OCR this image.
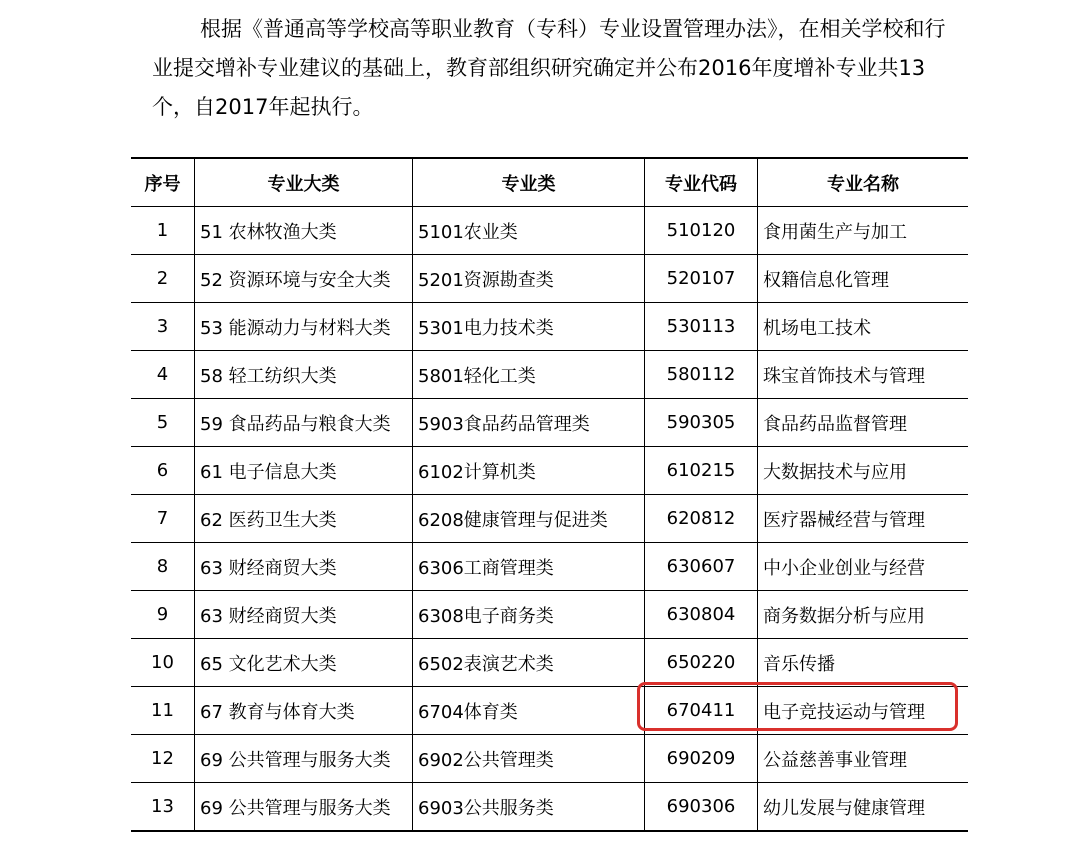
根据《普通高等学校高等职业教育（专科）专业设置管理办法》，在相关学校和行业提交增补专业建议的基础上，教育部组织研究确定并公布2016年度增补专业共13个，自2017年起执行。

序号	专业大类	专业类	专业代码	专业名称
1	51 农林牧渔大类	5101农业类	510120	食用菌生产与加工
2	52 资源环境与安全大类	5201资源勘查类	520107	权籍信息化管理
3	53 能源动力与材料大类	5301电力技术类	530113	机场电工技术
4	58 轻工纺织大类	5801轻化工类	580112	珠宝首饰技术与管理
5	59 食品药品与粮食大类	5903食品药品管理类	590305	食品药品监督管理
6	61 电子信息大类	6102计算机类	610215	大数据技术与应用
7	62 医药卫生大类	6208健康管理与促进类	620812	医疗器械经营与管理
8	63 财经商贸大类	6306工商管理类	630607	中小企业创业与经营
9	63 财经商贸大类	6308电子商务类	630804	商务数据分析与应用
10	65 文化艺术大类	6502表演艺术类	650220	音乐传播
11	67 教育与体育大类	6704体育类	670411	电子竞技运动与管理
12	69 公共管理与服务大类	6902公共管理类	690209	公益慈善事业管理
13	69 公共管理与服务大类	6903公共服务类	690306	幼儿发展与健康管理
